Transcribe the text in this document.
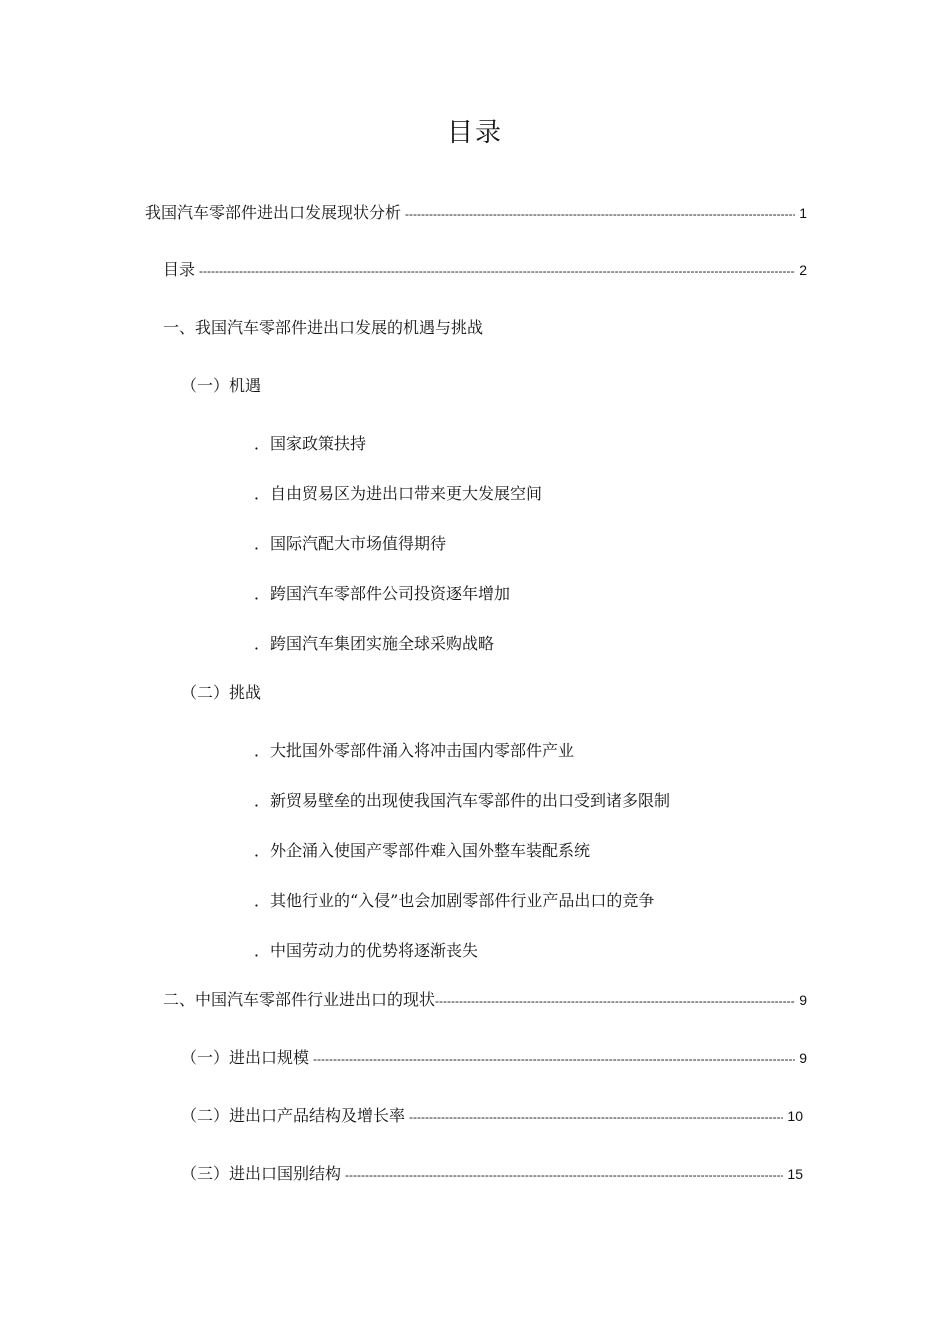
目录
我国汽车零部件进出口发展现状分析 -----	1
目录 -----	2
一、我国汽车零部件进出口发展的机遇与挑战
（一）机遇
．国家政策扶持
．自由贸易区为进出口带来更大发展空间
．国际汽配大市场值得期待
．跨国汽车零部件公司投资逐年增加
．跨国汽车集团实施全球采购战略
（二）挑战
．大批国外零部件涌入将冲击国内零部件产业
．新贸易壁垒的出现使我国汽车零部件的出口受到诸多限制
．外企涌入使国产零部件难入国外整车装配系统
．其他行业的“入侵”也会加剧零部件行业产品出口的竞争
．中国劳动力的优势将逐渐丧失
二、中国汽车零部件行业进出口的现状 -----	9
（一）进出口规模 -----	9
（二）进出口产品结构及增长率 -----	10
（三）进出口国别结构 -----	15
